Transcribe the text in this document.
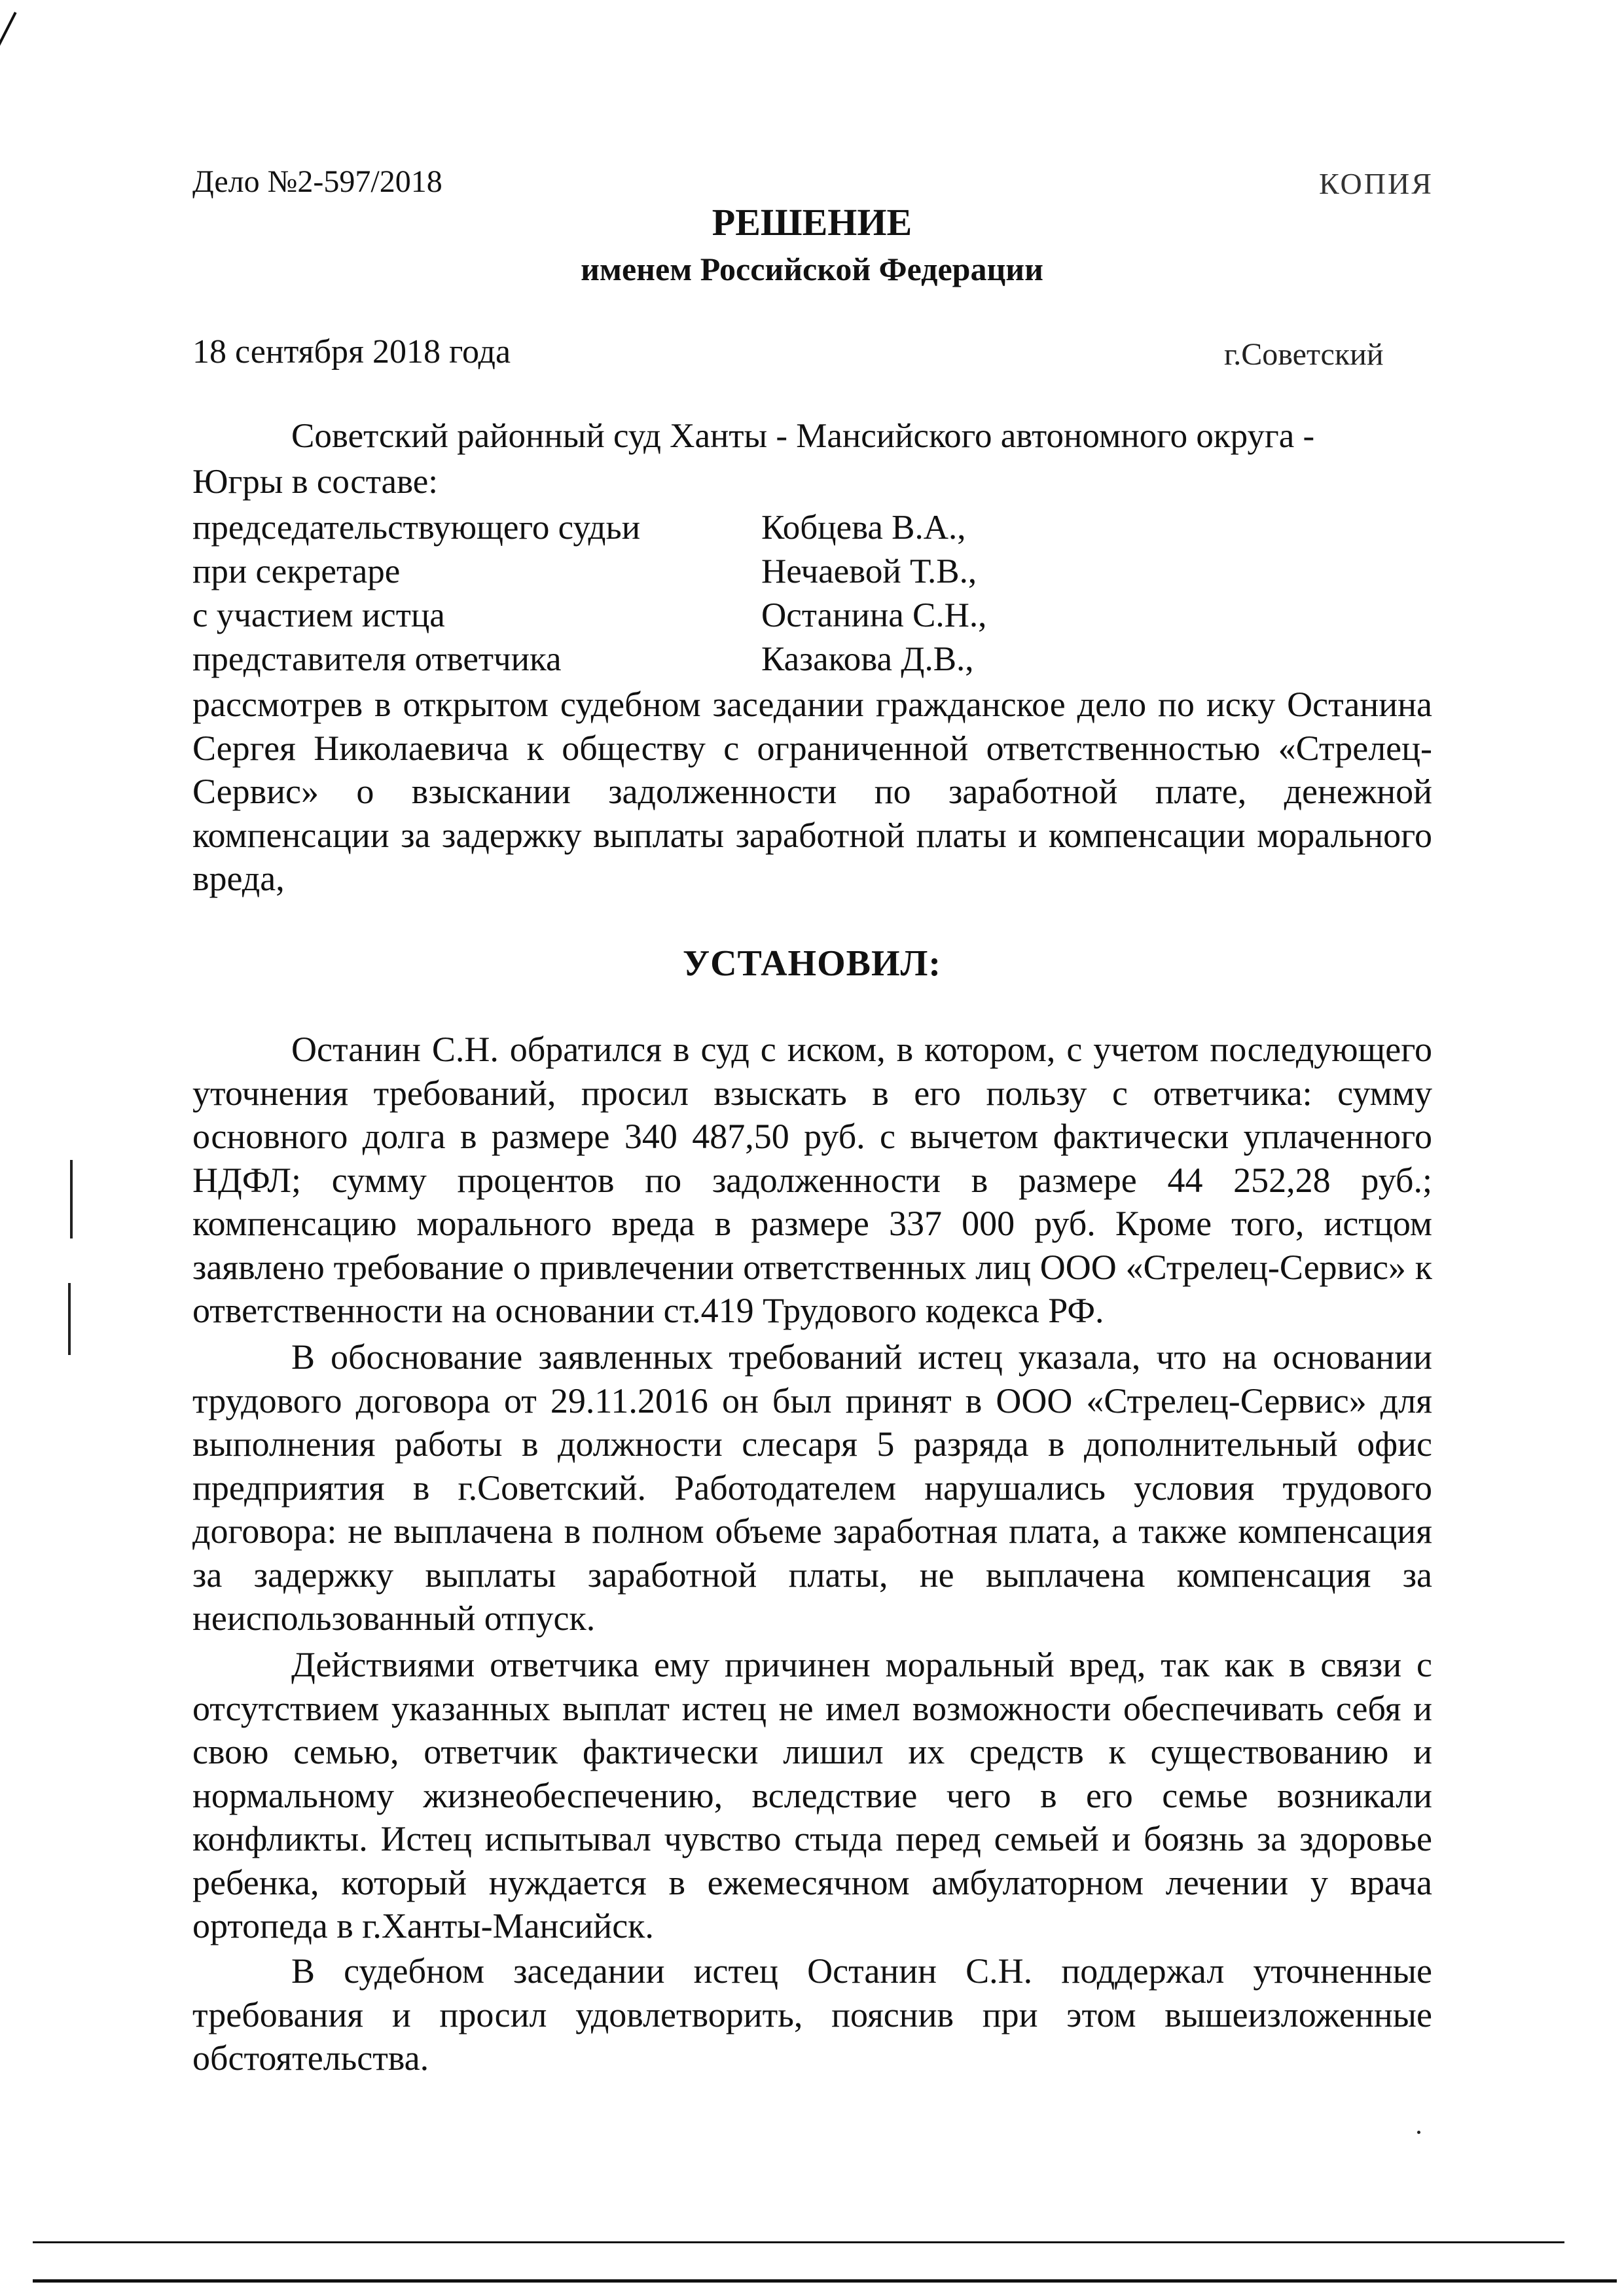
Дело №2-597/2018	КОПИЯ
РЕШЕНИЕ
именем Российской Федерации
18 сентября 2018 года	г.Советский
Советский районный суд Ханты - Мансийского автономного округа -
Югры в составе:
председательствующего судьи	Кобцева В.А.,
при секретаре	Нечаевой Т.В.,
с участием истца	Останина С.Н.,
представителя ответчика	Казакова Д.В.,
рассмотрев в открытом судебном заседании гражданское дело по иску Останина Сергея Николаевича к обществу с ограниченной ответственностью «Стрелец-Сервис» о взыскании задолженности по заработной плате, денежной компенсации за задержку выплаты заработной платы и компенсации морального вреда,
УСТАНОВИЛ:
Останин С.Н. обратился в суд с иском, в котором, с учетом последующего уточнения требований, просил взыскать в его пользу с ответчика: сумму основного долга в размере 340 487,50 руб. с вычетом фактически уплаченного НДФЛ; сумму процентов по задолженности в размере 44 252,28 руб.; компенсацию морального вреда в размере 337 000 руб. Кроме того, истцом заявлено требование о привлечении ответственных лиц ООО «Стрелец-Сервис» к ответственности на основании ст.419 Трудового кодекса РФ.
В обоснование заявленных требований истец указала, что на основании трудового договора от 29.11.2016 он был принят в ООО «Стрелец-Сервис» для выполнения работы в должности слесаря 5 разряда в дополнительный офис предприятия в г.Советский. Работодателем нарушались условия трудового договора: не выплачена в полном объеме заработная плата, а также компенсация за задержку выплаты заработной платы, не выплачена компенсация за неиспользованный отпуск.
Действиями ответчика ему причинен моральный вред, так как в связи с отсутствием указанных выплат истец не имел возможности обеспечивать себя и свою семью, ответчик фактически лишил их средств к существованию и нормальному жизнеобеспечению, вследствие чего в его семье возникали конфликты. Истец испытывал чувство стыда перед семьей и боязнь за здоровье ребенка, который нуждается в ежемесячном амбулаторном лечении у врача ортопеда в г.Ханты-Мансийск.
В судебном заседании истец Останин С.Н. поддержал уточненные требования и просил удовлетворить, пояснив при этом вышеизложенные обстоятельства.
